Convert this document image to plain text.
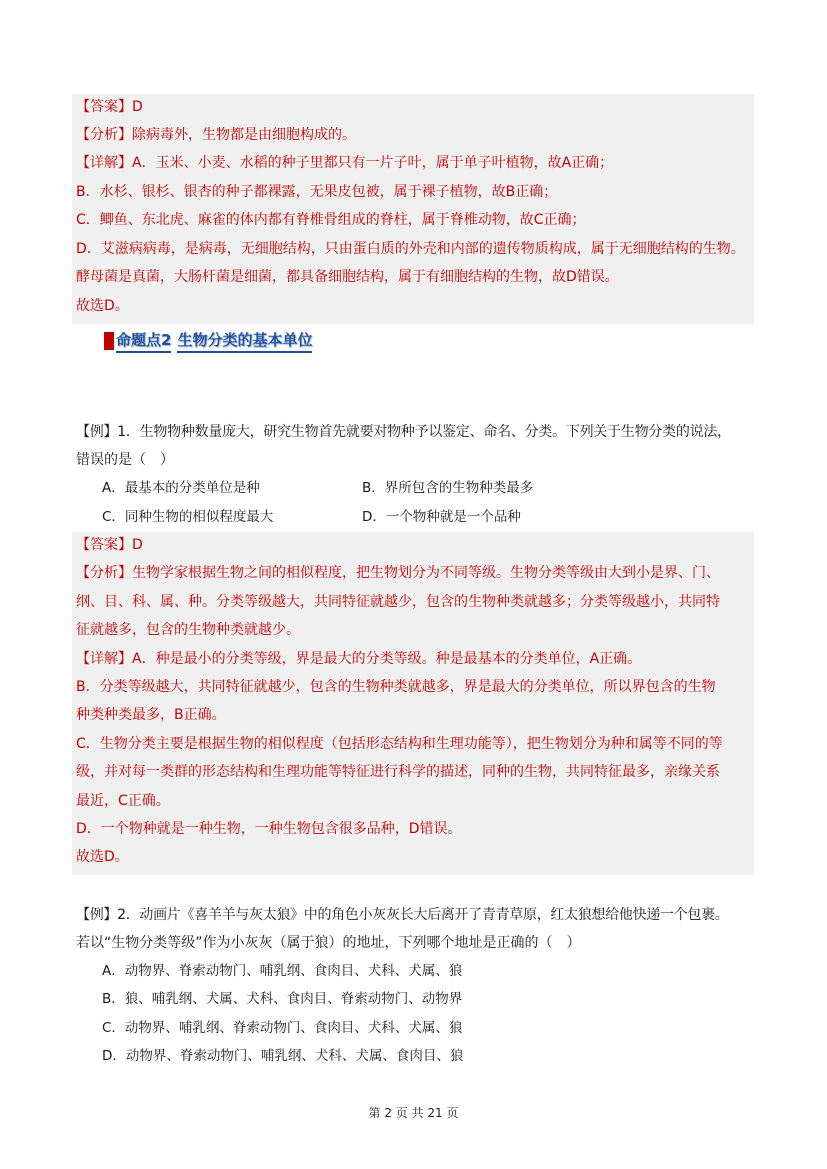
【答案】D
【分析】除病毒外，生物都是由细胞构成的。
【详解】A．玉米、小麦、水稻的种子里都只有一片子叶，属于单子叶植物，故A正确；
B．水杉、银杉、银杏的种子都裸露，无果皮包被，属于裸子植物，故B正确；
C．鲫鱼、东北虎、麻雀的体内都有脊椎骨组成的脊柱，属于脊椎动物，故C正确；
D．艾滋病病毒，是病毒，无细胞结构，只由蛋白质的外壳和内部的遗传物质构成，属于无细胞结构的生物。
酵母菌是真菌，大肠杆菌是细菌，都具备细胞结构，属于有细胞结构的生物，故D错误。
故选D。
命题点2 生物分类的基本单位
【例】1．生物物种数量庞大，研究生物首先就要对物种予以鉴定、命名、分类。下列关于生物分类的说法，
错误的是（　）
A．最基本的分类单位是种	B．界所包含的生物种类最多
C．同种生物的相似程度最大	D．一个物种就是一个品种
【答案】D
【分析】生物学家根据生物之间的相似程度，把生物划分为不同等级。生物分类等级由大到小是界、门、
纲、目、科、属、种。分类等级越大，共同特征就越少，包含的生物种类就越多；分类等级越小，共同特
征就越多，包含的生物种类就越少。
【详解】A．种是最小的分类等级，界是最大的分类等级。种是最基本的分类单位，A正确。
B．分类等级越大，共同特征就越少，包含的生物种类就越多，界是最大的分类单位，所以界包含的生物
种类种类最多，B正确。
C．生物分类主要是根据生物的相似程度（包括形态结构和生理功能等），把生物划分为种和属等不同的等
级，并对每一类群的形态结构和生理功能等特征进行科学的描述，同种的生物，共同特征最多，亲缘关系
最近，C正确。
D．一个物种就是一种生物，一种生物包含很多品种，D错误。
故选D。
【例】2．动画片《喜羊羊与灰太狼》中的角色小灰灰长大后离开了青青草原，红太狼想给他快递一个包裹。
若以“生物分类等级”作为小灰灰（属于狼）的地址，下列哪个地址是正确的（　）
A．动物界、脊索动物门、哺乳纲、食肉目、犬科、犬属、狼
B．狼、哺乳纲、犬属、犬科、食肉目、脊索动物门、动物界
C．动物界、哺乳纲、脊索动物门、食肉目、犬科、犬属、狼
D．动物界、脊索动物门、哺乳纲、犬科、犬属、食肉目、狼
第 2 页 共 21 页
